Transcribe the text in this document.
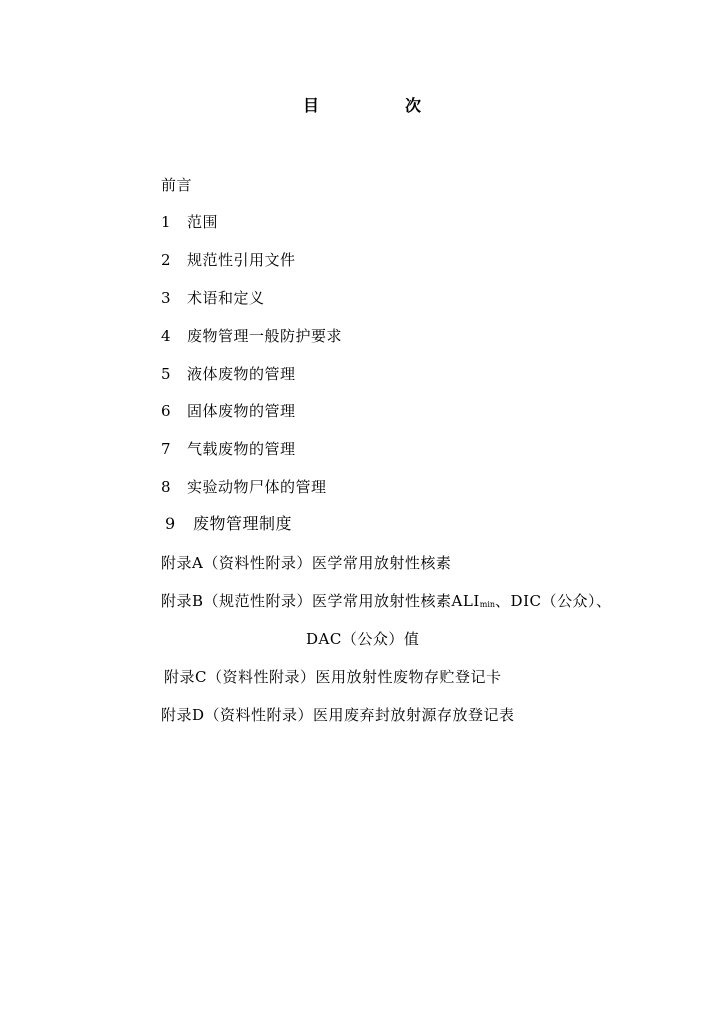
目	次
前言
1 范围
2 规范性引用文件
3 术语和定义
4 废物管理一般防护要求
5 液体废物的管理
6 固体废物的管理
7 气载废物的管理
8 实验动物尸体的管理
9 废物管理制度
附录A（资料性附录）医学常用放射性核素
附录B（规范性附录）医学常用放射性核素ALImin、DIC（公众）、
DAC（公众）值
附录C（资料性附录）医用放射性废物存贮登记卡
附录D（资料性附录）医用废弃封放射源存放登记表
